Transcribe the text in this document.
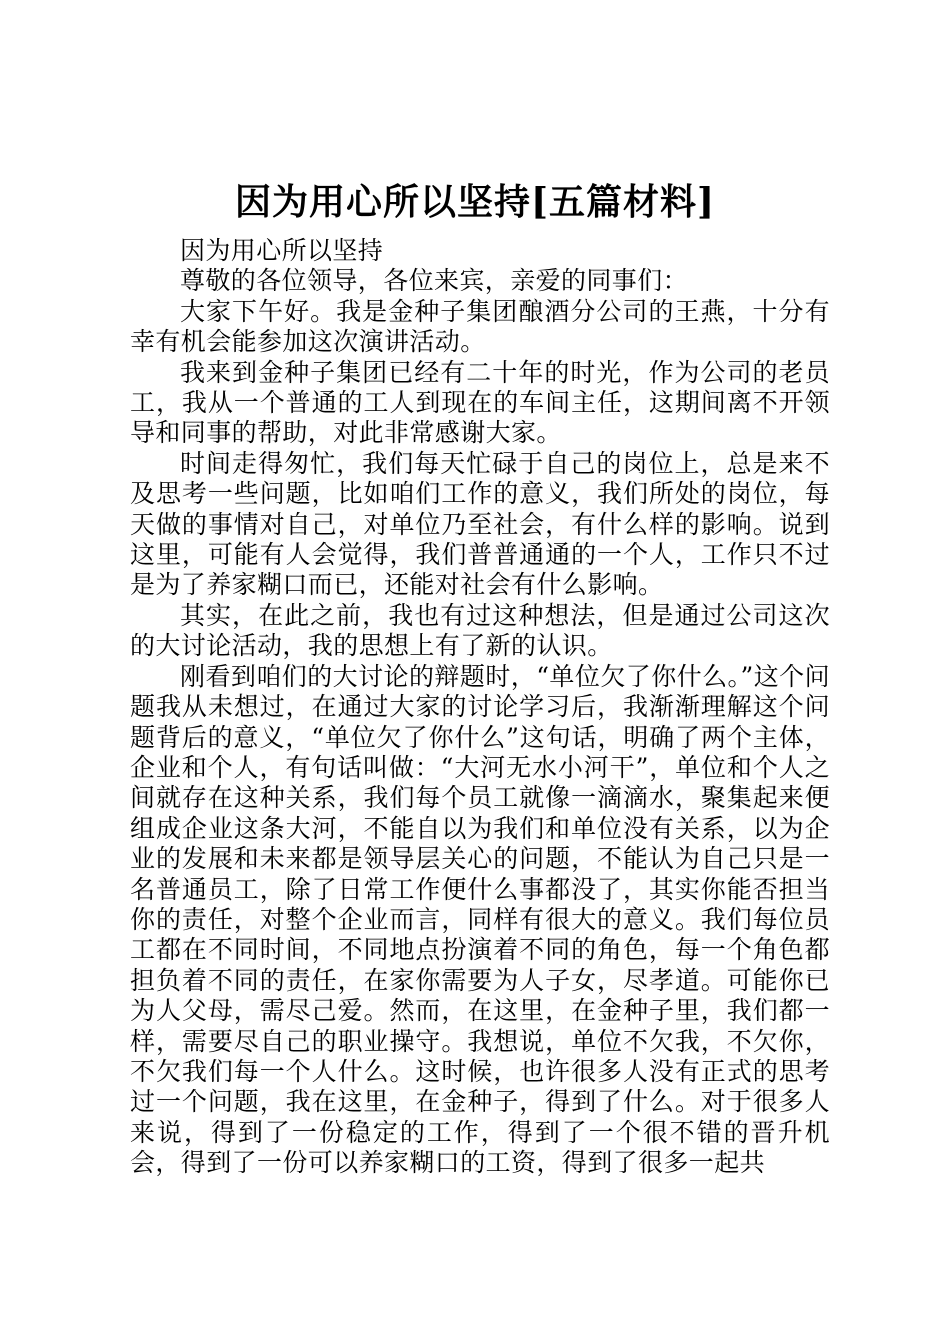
因为用心所以坚持[五篇材料]

因为用心所以坚持

尊敬的各位领导，各位来宾，亲爱的同事们：

大家下午好。我是金种子集团酿酒分公司的王燕，十分有幸有机会能参加这次演讲活动。

我来到金种子集团已经有二十年的时光，作为公司的老员工，我从一个普通的工人到现在的车间主任，这期间离不开领导和同事的帮助，对此非常感谢大家。

时间走得匆忙，我们每天忙碌于自己的岗位上，总是来不及思考一些问题，比如咱们工作的意义，我们所处的岗位，每天做的事情对自己，对单位乃至社会，有什么样的影响。说到这里，可能有人会觉得，我们普普通通的一个人，工作只不过是为了养家糊口而已，还能对社会有什么影响。

其实，在此之前，我也有过这种想法，但是通过公司这次的大讨论活动，我的思想上有了新的认识。

刚看到咱们的大讨论的辩题时，“单位欠了你什么。”这个问题我从未想过，在通过大家的讨论学习后，我渐渐理解这个问题背后的意义，“单位欠了你什么”这句话，明确了两个主体，企业和个人，有句话叫做：“大河无水小河干”，单位和个人之间就存在这种关系，我们每个员工就像一滴滴水，聚集起来便组成企业这条大河，不能自以为我们和单位没有关系，以为企业的发展和未来都是领导层关心的问题，不能认为自己只是一名普通员工，除了日常工作便什么事都没了，其实你能否担当你的责任，对整个企业而言，同样有很大的意义。我们每位员工都在不同时间，不同地点扮演着不同的角色，每一个角色都担负着不同的责任，在家你需要为人子女，尽孝道。可能你已为人父母，需尽己爱。然而，在这里，在金种子里，我们都一样，需要尽自己的职业操守。我想说，单位不欠我，不欠你，不欠我们每一个人什么。这时候，也许很多人没有正式的思考过一个问题，我在这里，在金种子，得到了什么。对于很多人来说，得到了一份稳定的工作，得到了一个很不错的晋升机会，得到了一份可以养家糊口的工资，得到了很多一起共
